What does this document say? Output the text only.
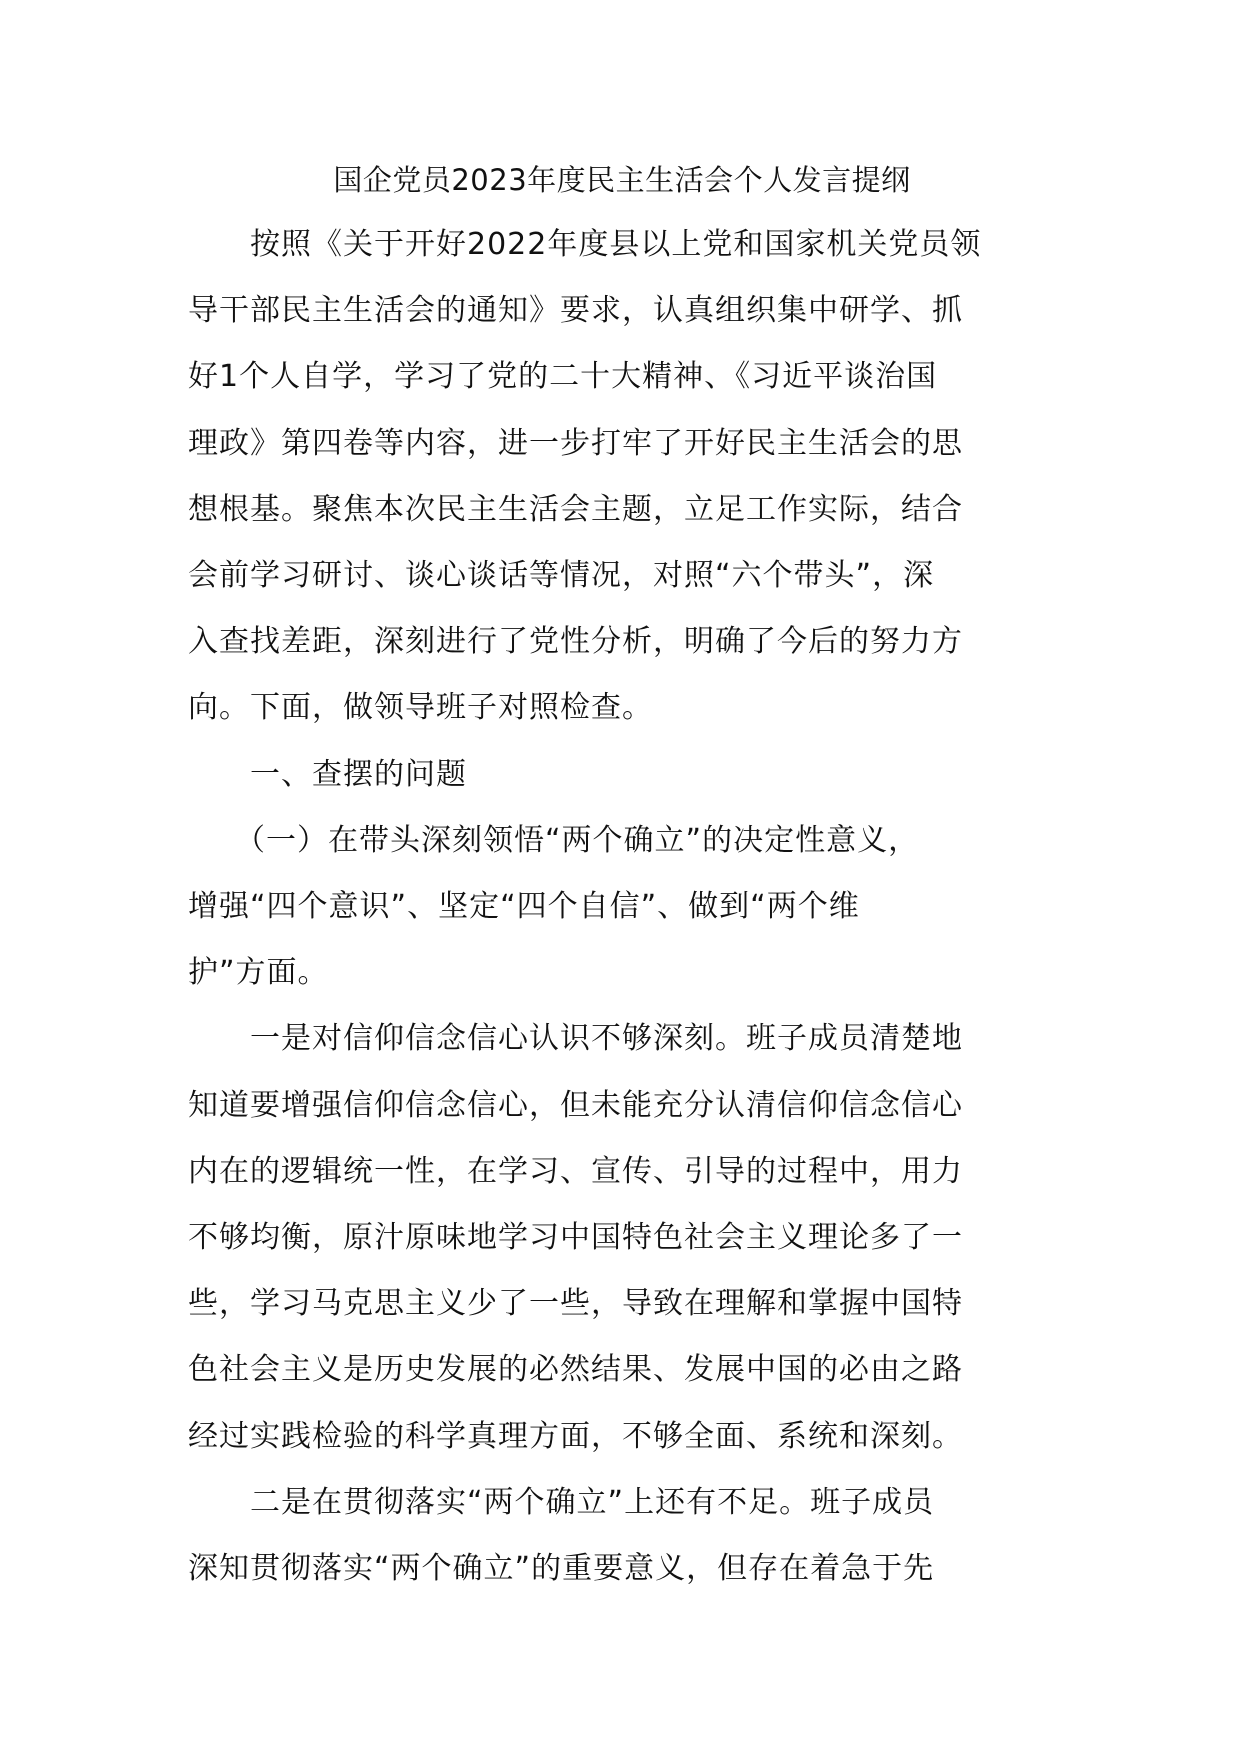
国企党员2023年度民主生活会个人发言提纲

　　按照《关于开好2022年度县以上党和国家机关党员领

导干部民主生活会的通知》要求，认真组织集中研学、抓

好1个人自学，学习了党的二十大精神、《习近平谈治国

理政》第四卷等内容，进一步打牢了开好民主生活会的思

想根基。聚焦本次民主生活会主题，立足工作实际，结合

会前学习研讨、谈心谈话等情况，对照“六个带头”，深

入查找差距，深刻进行了党性分析，明确了今后的努力方

向。下面，做领导班子对照检查。

　　一、查摆的问题

　　（一）在带头深刻领悟“两个确立”的决定性意义，

增强“四个意识”、坚定“四个自信”、做到“两个维

护”方面。

　　一是对信仰信念信心认识不够深刻。班子成员清楚地

知道要增强信仰信念信心，但未能充分认清信仰信念信心

内在的逻辑统一性，在学习、宣传、引导的过程中，用力

不够均衡，原汁原味地学习中国特色社会主义理论多了一

些，学习马克思主义少了一些，导致在理解和掌握中国特

色社会主义是历史发展的必然结果、发展中国的必由之路

经过实践检验的科学真理方面，不够全面、系统和深刻。

　　二是在贯彻落实“两个确立”上还有不足。班子成员

深知贯彻落实“两个确立”的重要意义，但存在着急于先
